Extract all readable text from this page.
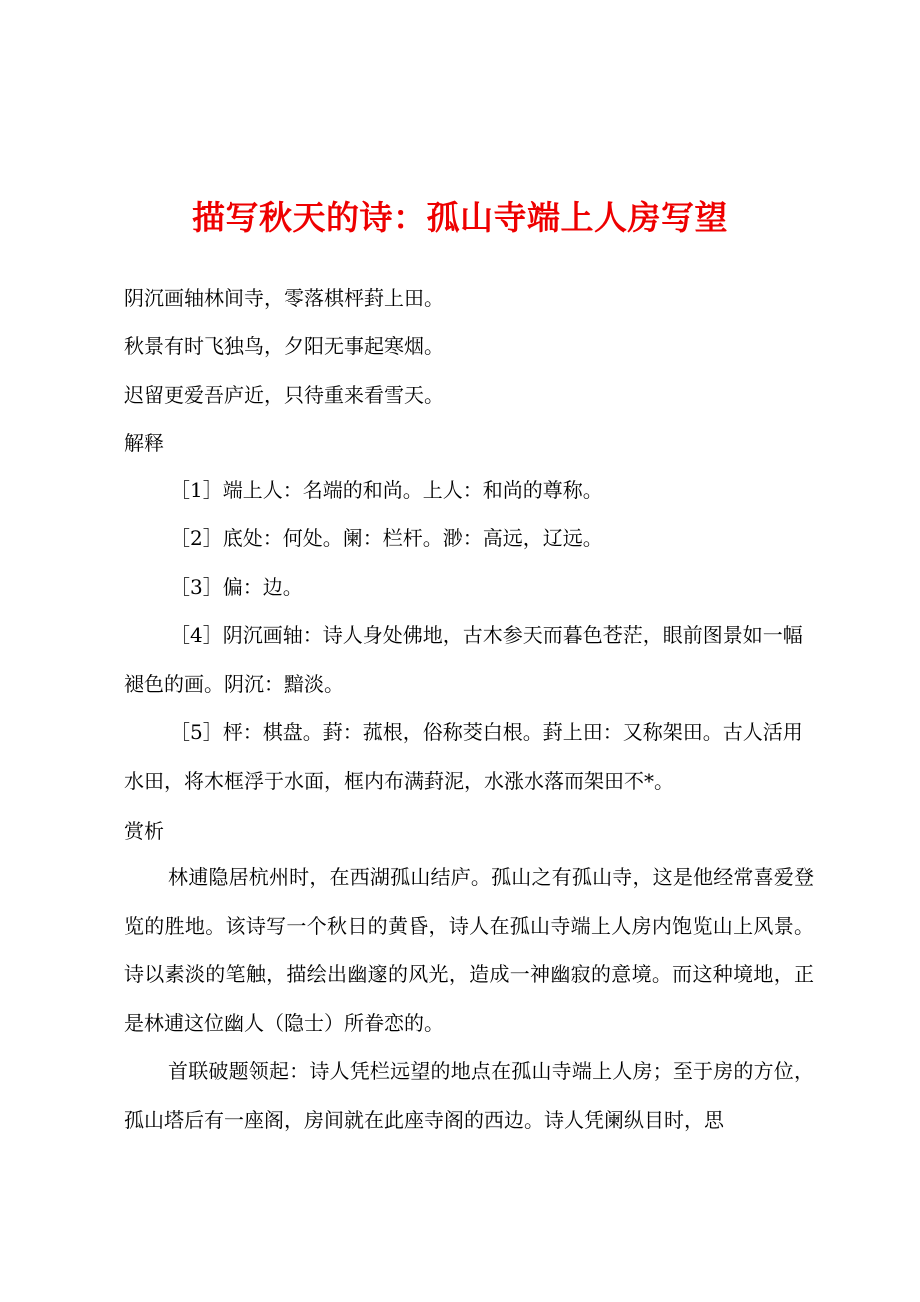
描写秋天的诗：孤山寺端上人房写望
阴沉画轴林间寺，零落棋枰葑上田。
秋景有时飞独鸟，夕阳无事起寒烟。
迟留更爱吾庐近，只待重来看雪天。
解释
［1］端上人：名端的和尚。上人：和尚的尊称。
［2］底处：何处。阑：栏杆。渺：高远，辽远。
［3］偏：边。
［4］阴沉画轴：诗人身处佛地，古木参天而暮色苍茫，眼前图景如一幅褪色的画。阴沉：黯淡。
［5］枰：棋盘。葑：菰根，俗称茭白根。葑上田：又称架田。古人活用水田，将木框浮于水面，框内布满葑泥，水涨水落而架田不*。
赏析
林逋隐居杭州时，在西湖孤山结庐。孤山之有孤山寺，这是他经常喜爱登览的胜地。该诗写一个秋日的黄昏，诗人在孤山寺端上人房内饱览山上风景。诗以素淡的笔触，描绘出幽邃的风光，造成一神幽寂的意境。而这种境地，正是林逋这位幽人（隐士）所眷恋的。
首联破题领起：诗人凭栏远望的地点在孤山寺端上人房；至于房的方位，孤山塔后有一座阁，房间就在此座寺阁的西边。诗人凭阑纵目时，思
